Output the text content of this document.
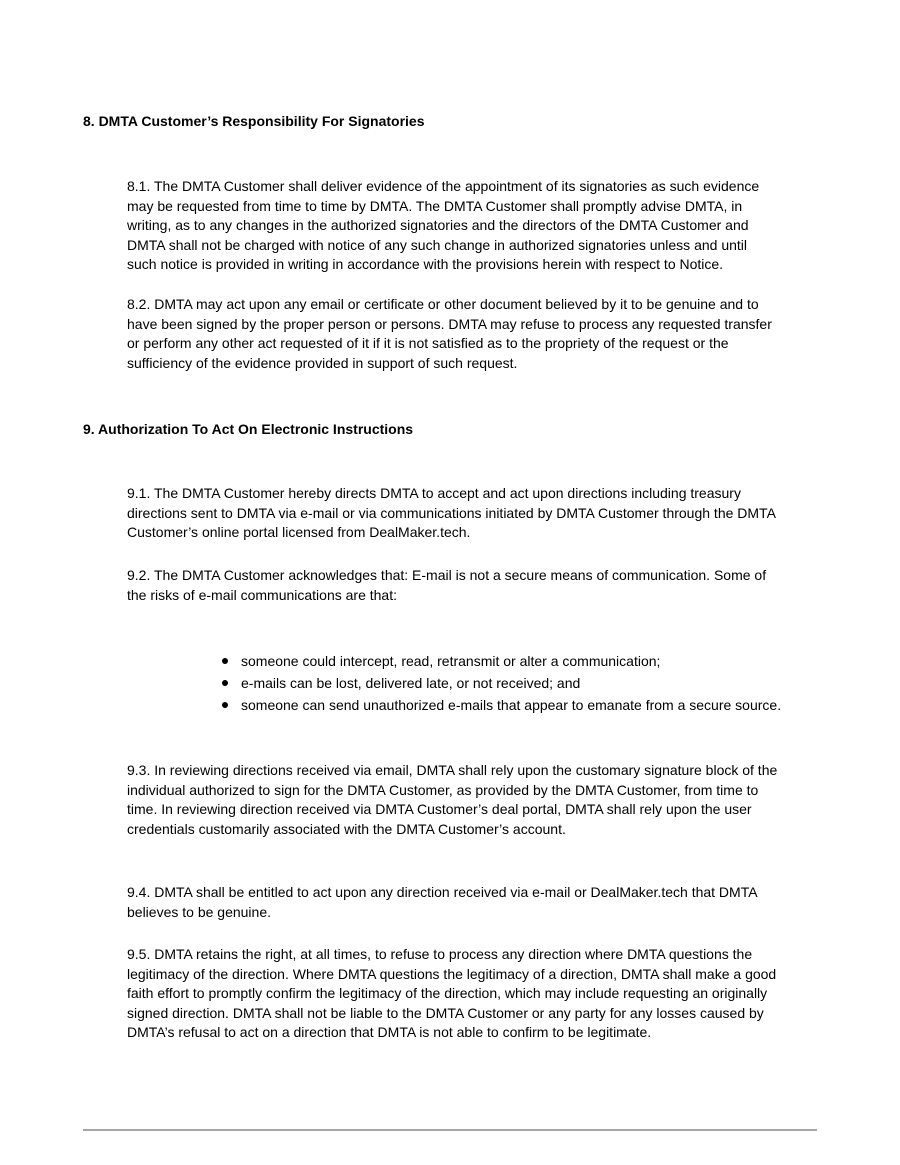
8. DMTA Customer’s Responsibility For Signatories
8.1. The DMTA Customer shall deliver evidence of the appointment of its signatories as such evidence
may be requested from time to time by DMTA. The DMTA Customer shall promptly advise DMTA, in
writing, as to any changes in the authorized signatories and the directors of the DMTA Customer and
DMTA shall not be charged with notice of any such change in authorized signatories unless and until
such notice is provided in writing in accordance with the provisions herein with respect to Notice.
8.2. DMTA may act upon any email or certificate or other document believed by it to be genuine and to
have been signed by the proper person or persons. DMTA may refuse to process any requested transfer
or perform any other act requested of it if it is not satisfied as to the propriety of the request or the
sufficiency of the evidence provided in support of such request.
9. Authorization To Act On Electronic Instructions
9.1. The DMTA Customer hereby directs DMTA to accept and act upon directions including treasury
directions sent to DMTA via e-mail or via communications initiated by DMTA Customer through the DMTA
Customer’s online portal licensed from DealMaker.tech.
9.2. The DMTA Customer acknowledges that: E-mail is not a secure means of communication. Some of
the risks of e-mail communications are that:
someone could intercept, read, retransmit or alter a communication;
e-mails can be lost, delivered late, or not received; and
someone can send unauthorized e-mails that appear to emanate from a secure source.
9.3. In reviewing directions received via email, DMTA shall rely upon the customary signature block of the
individual authorized to sign for the DMTA Customer, as provided by the DMTA Customer, from time to
time. In reviewing direction received via DMTA Customer’s deal portal, DMTA shall rely upon the user
credentials customarily associated with the DMTA Customer’s account.
9.4. DMTA shall be entitled to act upon any direction received via e-mail or DealMaker.tech that DMTA
believes to be genuine.
9.5. DMTA retains the right, at all times, to refuse to process any direction where DMTA questions the
legitimacy of the direction. Where DMTA questions the legitimacy of a direction, DMTA shall make a good
faith effort to promptly confirm the legitimacy of the direction, which may include requesting an originally
signed direction. DMTA shall not be liable to the DMTA Customer or any party for any losses caused by
DMTA’s refusal to act on a direction that DMTA is not able to confirm to be legitimate.
